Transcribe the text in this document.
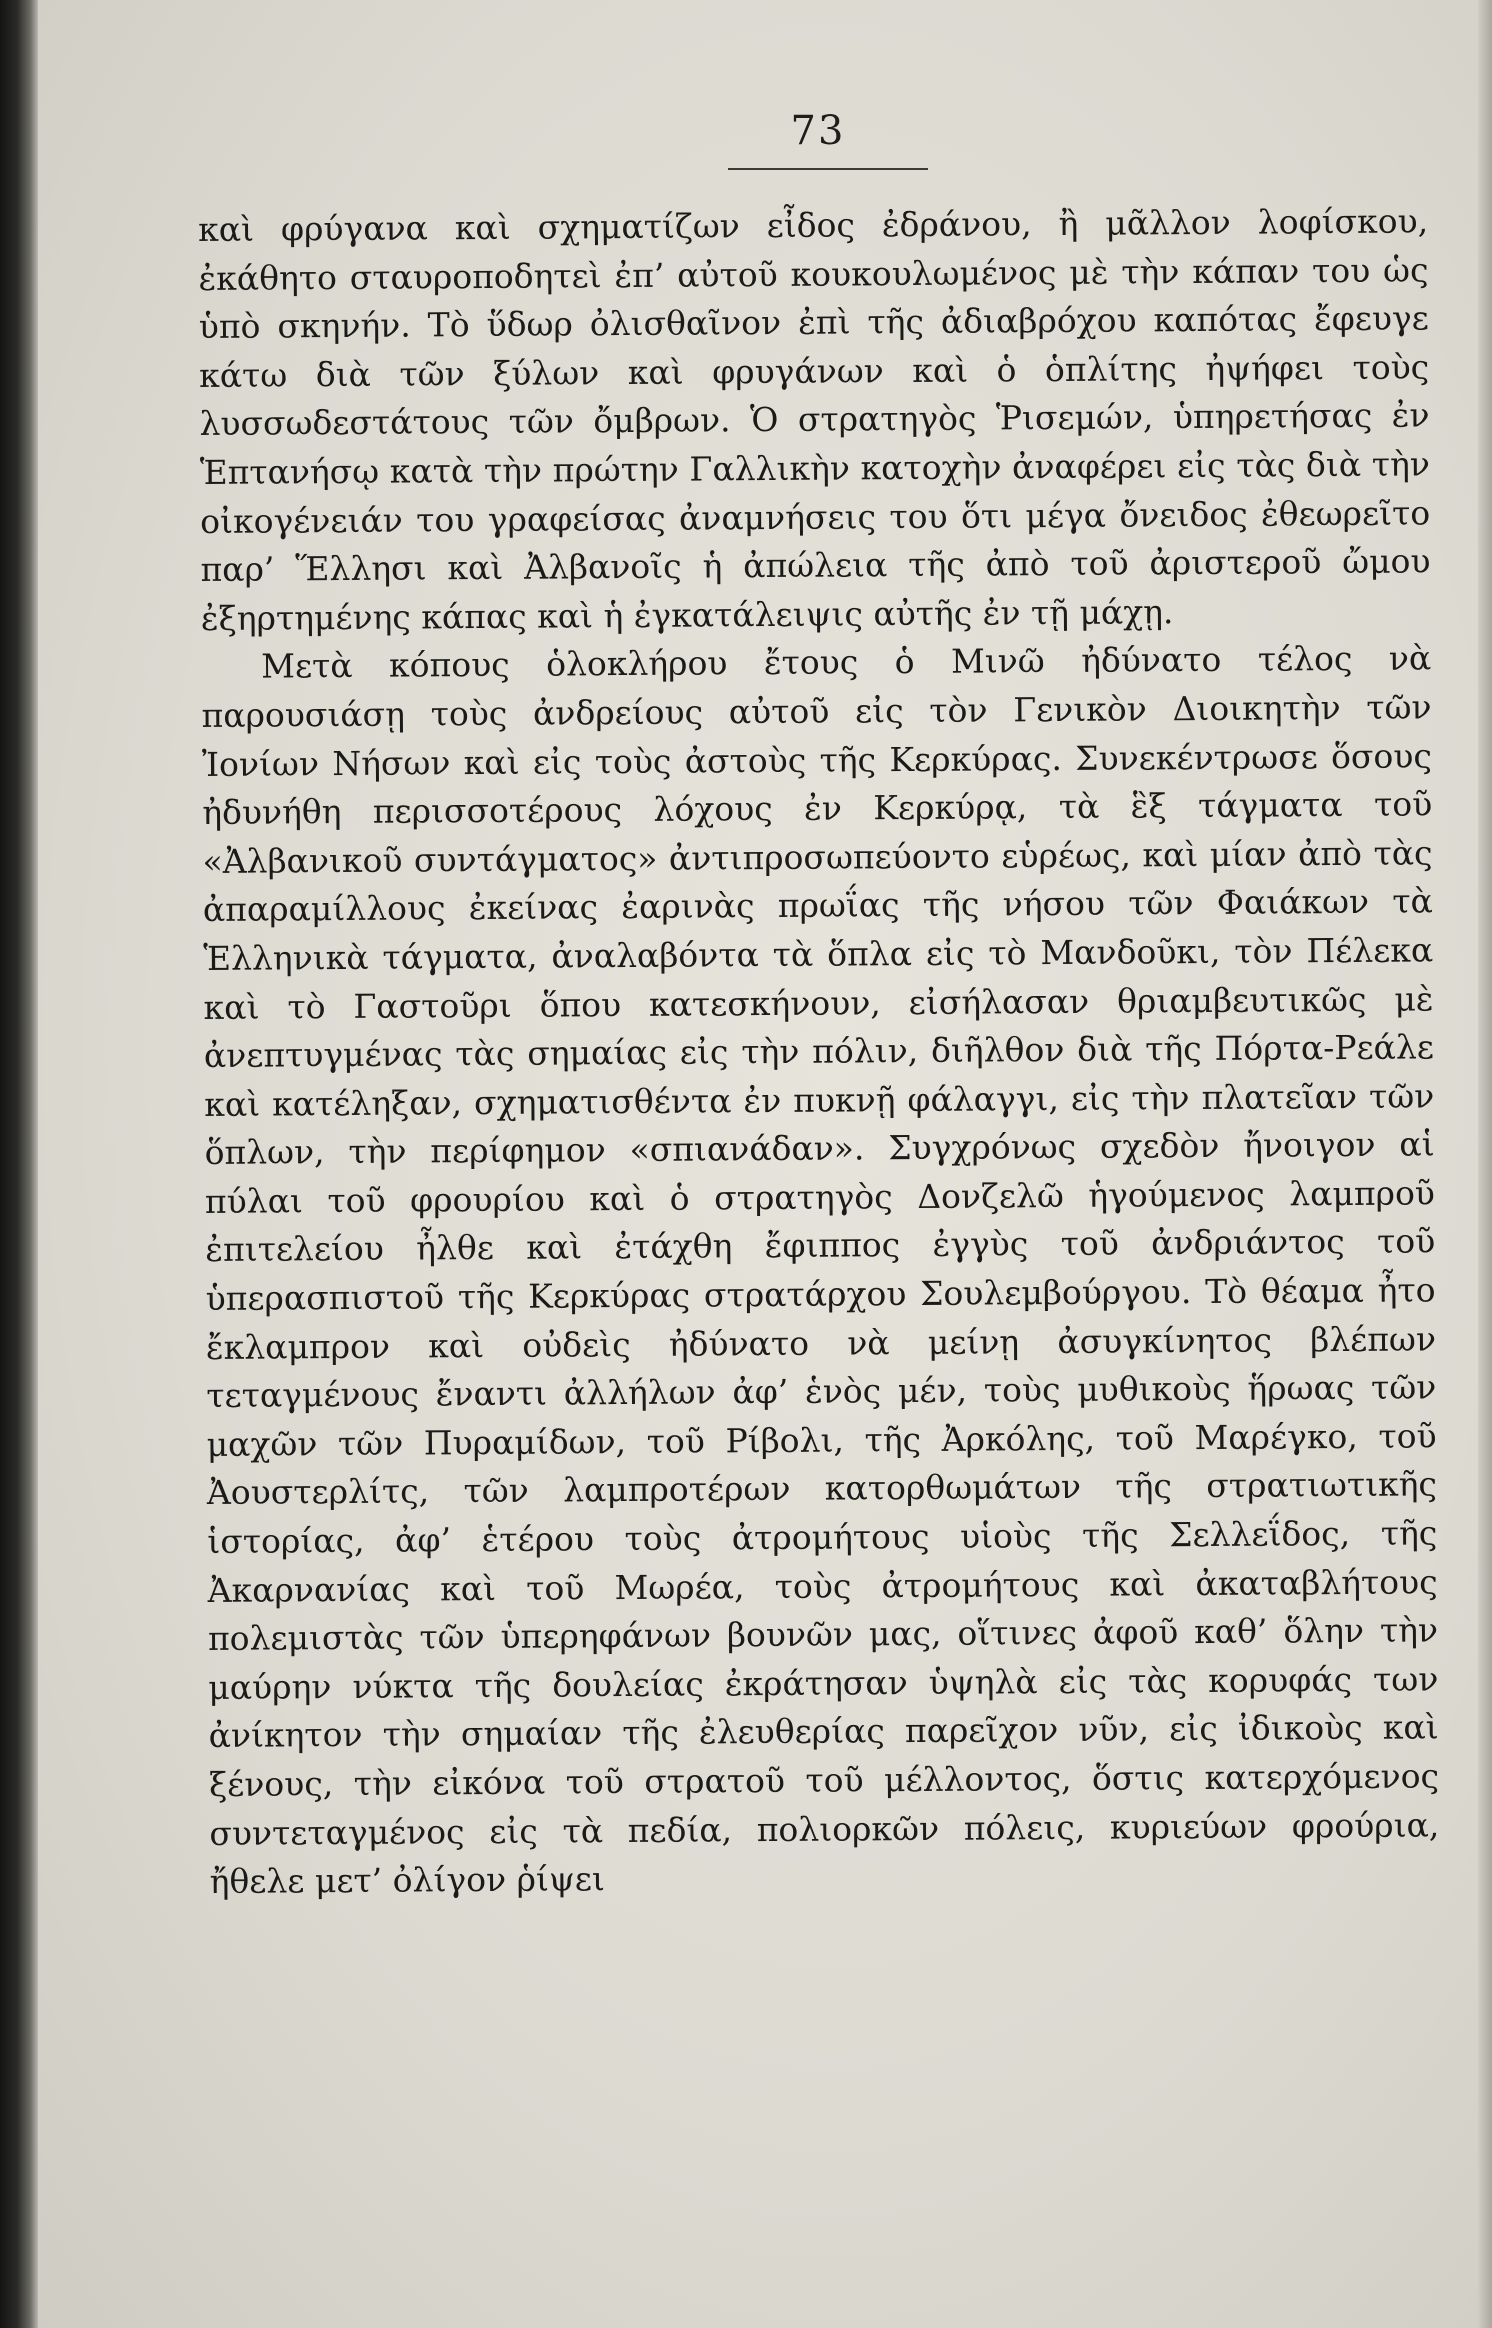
73

καὶ φρύγανα καὶ σχηματίζων εἶδος ἐδράνου, ἢ μᾶλλον λοφίσκου, ἐκάθητο σταυροποδητεὶ ἐπ’ αὐτοῦ κουκουλωμένος μὲ τὴν κάπαν του ὡς ὑπὸ σκηνήν. Τὸ ὕδωρ ὀλισθαῖνον ἐπὶ τῆς ἀδιαβρόχου καπότας ἔφευγε κάτω διὰ τῶν ξύλων καὶ φρυγάνων καὶ ὁ ὁπλίτης ἠψήφει τοὺς λυσσωδεστάτους τῶν ὄμβρων. Ὁ στρατηγὸς Ῥισεμών, ὑπηρετήσας ἐν Ἑπτανήσῳ κατὰ τὴν πρώτην Γαλλικὴν κατοχὴν ἀναφέρει εἰς τὰς διὰ τὴν οἰκογένειάν του γραφείσας ἀναμνήσεις του ὅτι μέγα ὄνειδος ἐθεωρεῖτο παρ’ Ἕλλησι καὶ Ἀλβανοῖς ἡ ἀπώλεια τῆς ἀπὸ τοῦ ἀριστεροῦ ὤμου ἐξηρτημένης κάπας καὶ ἡ ἐγκατάλειψις αὐτῆς ἐν τῇ μάχῃ.

Μετὰ κόπους ὁλοκλήρου ἔτους ὁ Μινῶ ἠδύνατο τέλος νὰ παρουσιάσῃ τοὺς ἀνδρείους αὐτοῦ εἰς τὸν Γενικὸν Διοικητὴν τῶν Ἰονίων Νήσων καὶ εἰς τοὺς ἀστοὺς τῆς Κερκύρας. Συνεκέντρωσε ὅσους ἠδυνήθη περισσοτέρους λόχους ἐν Κερκύρᾳ, τὰ ἓξ τάγματα τοῦ «Ἀλβανικοῦ συντάγματος» ἀντιπροσωπεύοντο εὑρέως, καὶ μίαν ἀπὸ τὰς ἀπαραμίλλους ἐκείνας ἐαρινὰς πρωΐας τῆς νήσου τῶν Φαιάκων τὰ Ἑλληνικὰ τάγματα, ἀναλαβόντα τὰ ὅπλα εἰς τὸ Μανδοῦκι, τὸν Πέλεκα καὶ τὸ Γαστοῦρι ὅπου κατεσκήνουν, εἰσήλασαν θριαμβευτικῶς μὲ ἀνεπτυγμένας τὰς σημαίας εἰς τὴν πόλιν, διῆλθον διὰ τῆς Πόρτα-Ρεάλε καὶ κατέληξαν, σχηματισθέντα ἐν πυκνῇ φάλαγγι, εἰς τὴν πλατεῖαν τῶν ὅπλων, τὴν περίφημον «σπιανάδαν». Συγχρόνως σχεδὸν ἤνοιγον αἱ πύλαι τοῦ φρουρίου καὶ ὁ στρατηγὸς Δονζελῶ ἡγούμενος λαμπροῦ ἐπιτελείου ἦλθε καὶ ἐτάχθη ἔφιππος ἐγγὺς τοῦ ἀνδριάντος τοῦ ὑπερασπιστοῦ τῆς Κερκύρας στρατάρχου Σουλεμβούργου. Τὸ θέαμα ἦτο ἔκλαμπρον καὶ οὐδεὶς ἠδύνατο νὰ μείνῃ ἀσυγκίνητος βλέπων τεταγμένους ἔναντι ἀλλήλων ἀφ’ ἑνὸς μέν, τοὺς μυθικοὺς ἥρωας τῶν μαχῶν τῶν Πυραμίδων, τοῦ Ρίβολι, τῆς Ἀρκόλης, τοῦ Μαρέγκο, τοῦ Ἀουστερλίτς, τῶν λαμπροτέρων κατορθωμάτων τῆς στρατιωτικῆς ἱστορίας, ἀφ’ ἑτέρου τοὺς ἀτρομήτους υἱοὺς τῆς Σελλεΐδος, τῆς Ἀκαρνανίας καὶ τοῦ Μωρέα, τοὺς ἀτρομήτους καὶ ἀκαταβλήτους πολεμιστὰς τῶν ὑπερηφάνων βουνῶν μας, οἵτινες ἀφοῦ καθ’ ὅλην τὴν μαύρην νύκτα τῆς δουλείας ἐκράτησαν ὑψηλὰ εἰς τὰς κορυφάς των ἀνίκητον τὴν σημαίαν τῆς ἐλευθερίας παρεῖχον νῦν, εἰς ἰδικοὺς καὶ ξένους, τὴν εἰκόνα τοῦ στρατοῦ τοῦ μέλλοντος, ὅστις κατερχόμενος συντεταγμένος εἰς τὰ πεδία, πολιορκῶν πόλεις, κυριεύων φρούρια, ἤθελε μετ’ ὀλίγον ῥίψει
